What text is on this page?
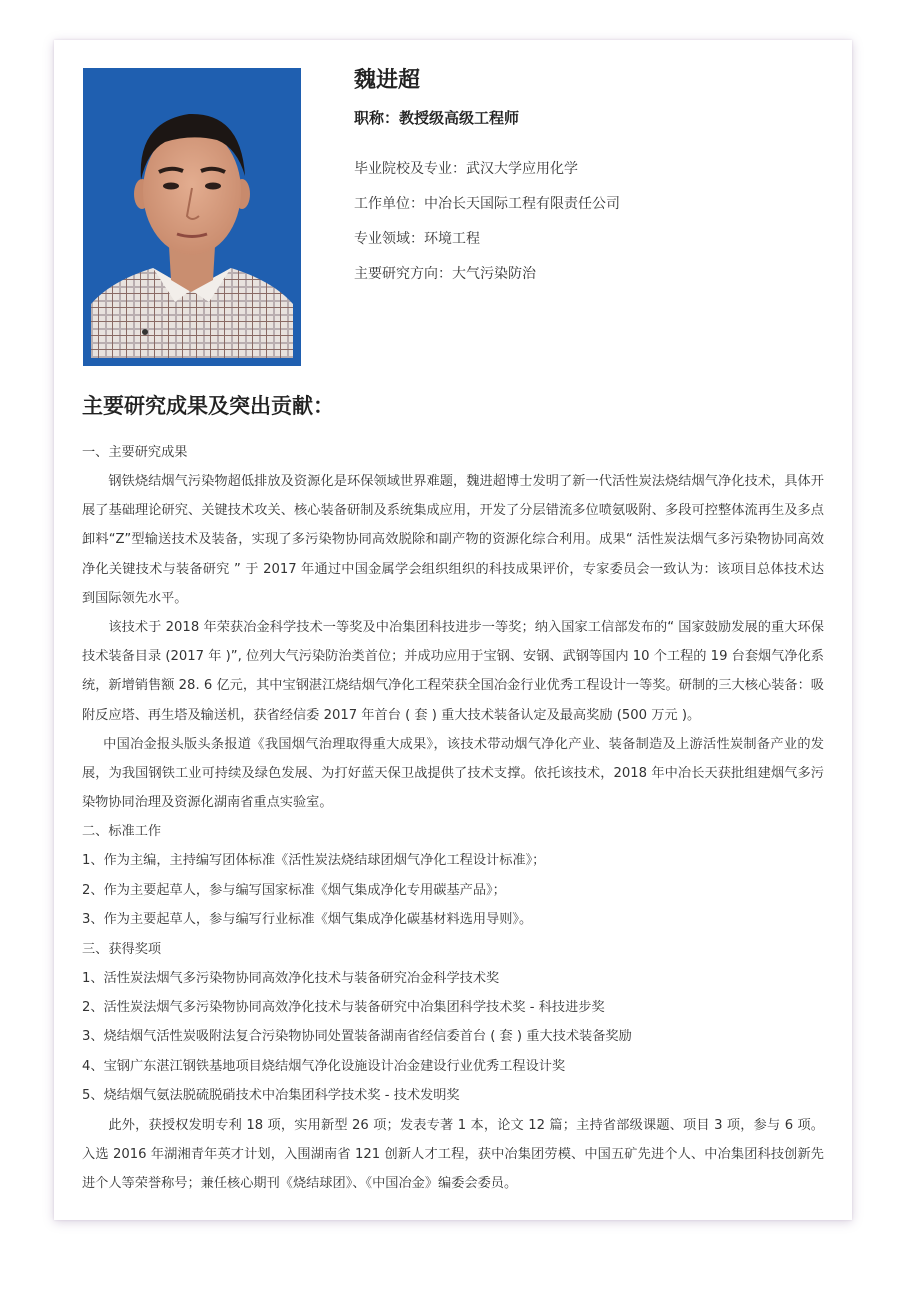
魏进超
职称：教授级高级工程师
毕业院校及专业：武汉大学应用化学
工作单位：中冶长天国际工程有限责任公司
专业领域：环境工程
主要研究方向：大气污染防治
主要研究成果及突出贡献：
一、主要研究成果

钢铁烧结烟气污染物超低排放及资源化是环保领域世界难题，魏进超博士发明了新一代活性炭法烧结烟气净化技术，具体开展了基础理论研究、关键技术攻关、核心装备研制及系统集成应用，开发了分层错流多位喷氨吸附、多段可控整体流再生及多点卸料“Z”型输送技术及装备，实现了多污染物协同高效脱除和副产物的资源化综合利用。成果“ 活性炭法烟气多污染物协同高效净化关键技术与装备研究 ” 于 2017 年通过中国金属学会组织组织的科技成果评价，专家委员会一致认为：该项目总体技术达到国际领先水平。

该技术于 2018 年荣获冶金科学技术一等奖及中冶集团科技进步一等奖；纳入国家工信部发布的“ 国家鼓励发展的重大环保技术装备目录 (2017 年 )”, 位列大气污染防治类首位；并成功应用于宝钢、安钢、武钢等国内 10 个工程的 19 台套烟气净化系统，新增销售额 28. 6 亿元，其中宝钢湛江烧结烟气净化工程荣获全国冶金行业优秀工程设计一等奖。研制的三大核心装备：吸附反应塔、再生塔及输送机，获省经信委 2017 年首台 ( 套 ) 重大技术装备认定及最高奖励 (500 万元 )。

中国冶金报头版头条报道《我国烟气治理取得重大成果》，该技术带动烟气净化产业、装备制造及上游活性炭制备产业的发展，为我国钢铁工业可持续及绿色发展、为打好蓝天保卫战提供了技术支撑。依托该技术，2018 年中冶长天获批组建烟气多污染物协同治理及资源化湖南省重点实验室。

二、标准工作
1、作为主编，主持编写团体标准《活性炭法烧结球团烟气净化工程设计标准》；
2、作为主要起草人，参与编写国家标准《烟气集成净化专用碳基产品》；
3、作为主要起草人，参与编写行业标准《烟气集成净化碳基材料选用导则》。
三、获得奖项
1、活性炭法烟气多污染物协同高效净化技术与装备研究冶金科学技术奖
2、活性炭法烟气多污染物协同高效净化技术与装备研究中冶集团科学技术奖 - 科技进步奖
3、烧结烟气活性炭吸附法复合污染物协同处置装备湖南省经信委首台 ( 套 ) 重大技术装备奖励
4、宝钢广东湛江钢铁基地项目烧结烟气净化设施设计冶金建设行业优秀工程设计奖
5、烧结烟气氨法脱硫脱硝技术中冶集团科学技术奖 - 技术发明奖

此外，获授权发明专利 18 项，实用新型 26 项；发表专著 1 本，论文 12 篇；主持省部级课题、项目 3 项，参与 6 项。入选 2016 年湖湘青年英才计划，入围湖南省 121 创新人才工程，获中冶集团劳模、中国五矿先进个人、中冶集团科技创新先进个人等荣誉称号；兼任核心期刊《烧结球团》、《中国冶金》编委会委员。
